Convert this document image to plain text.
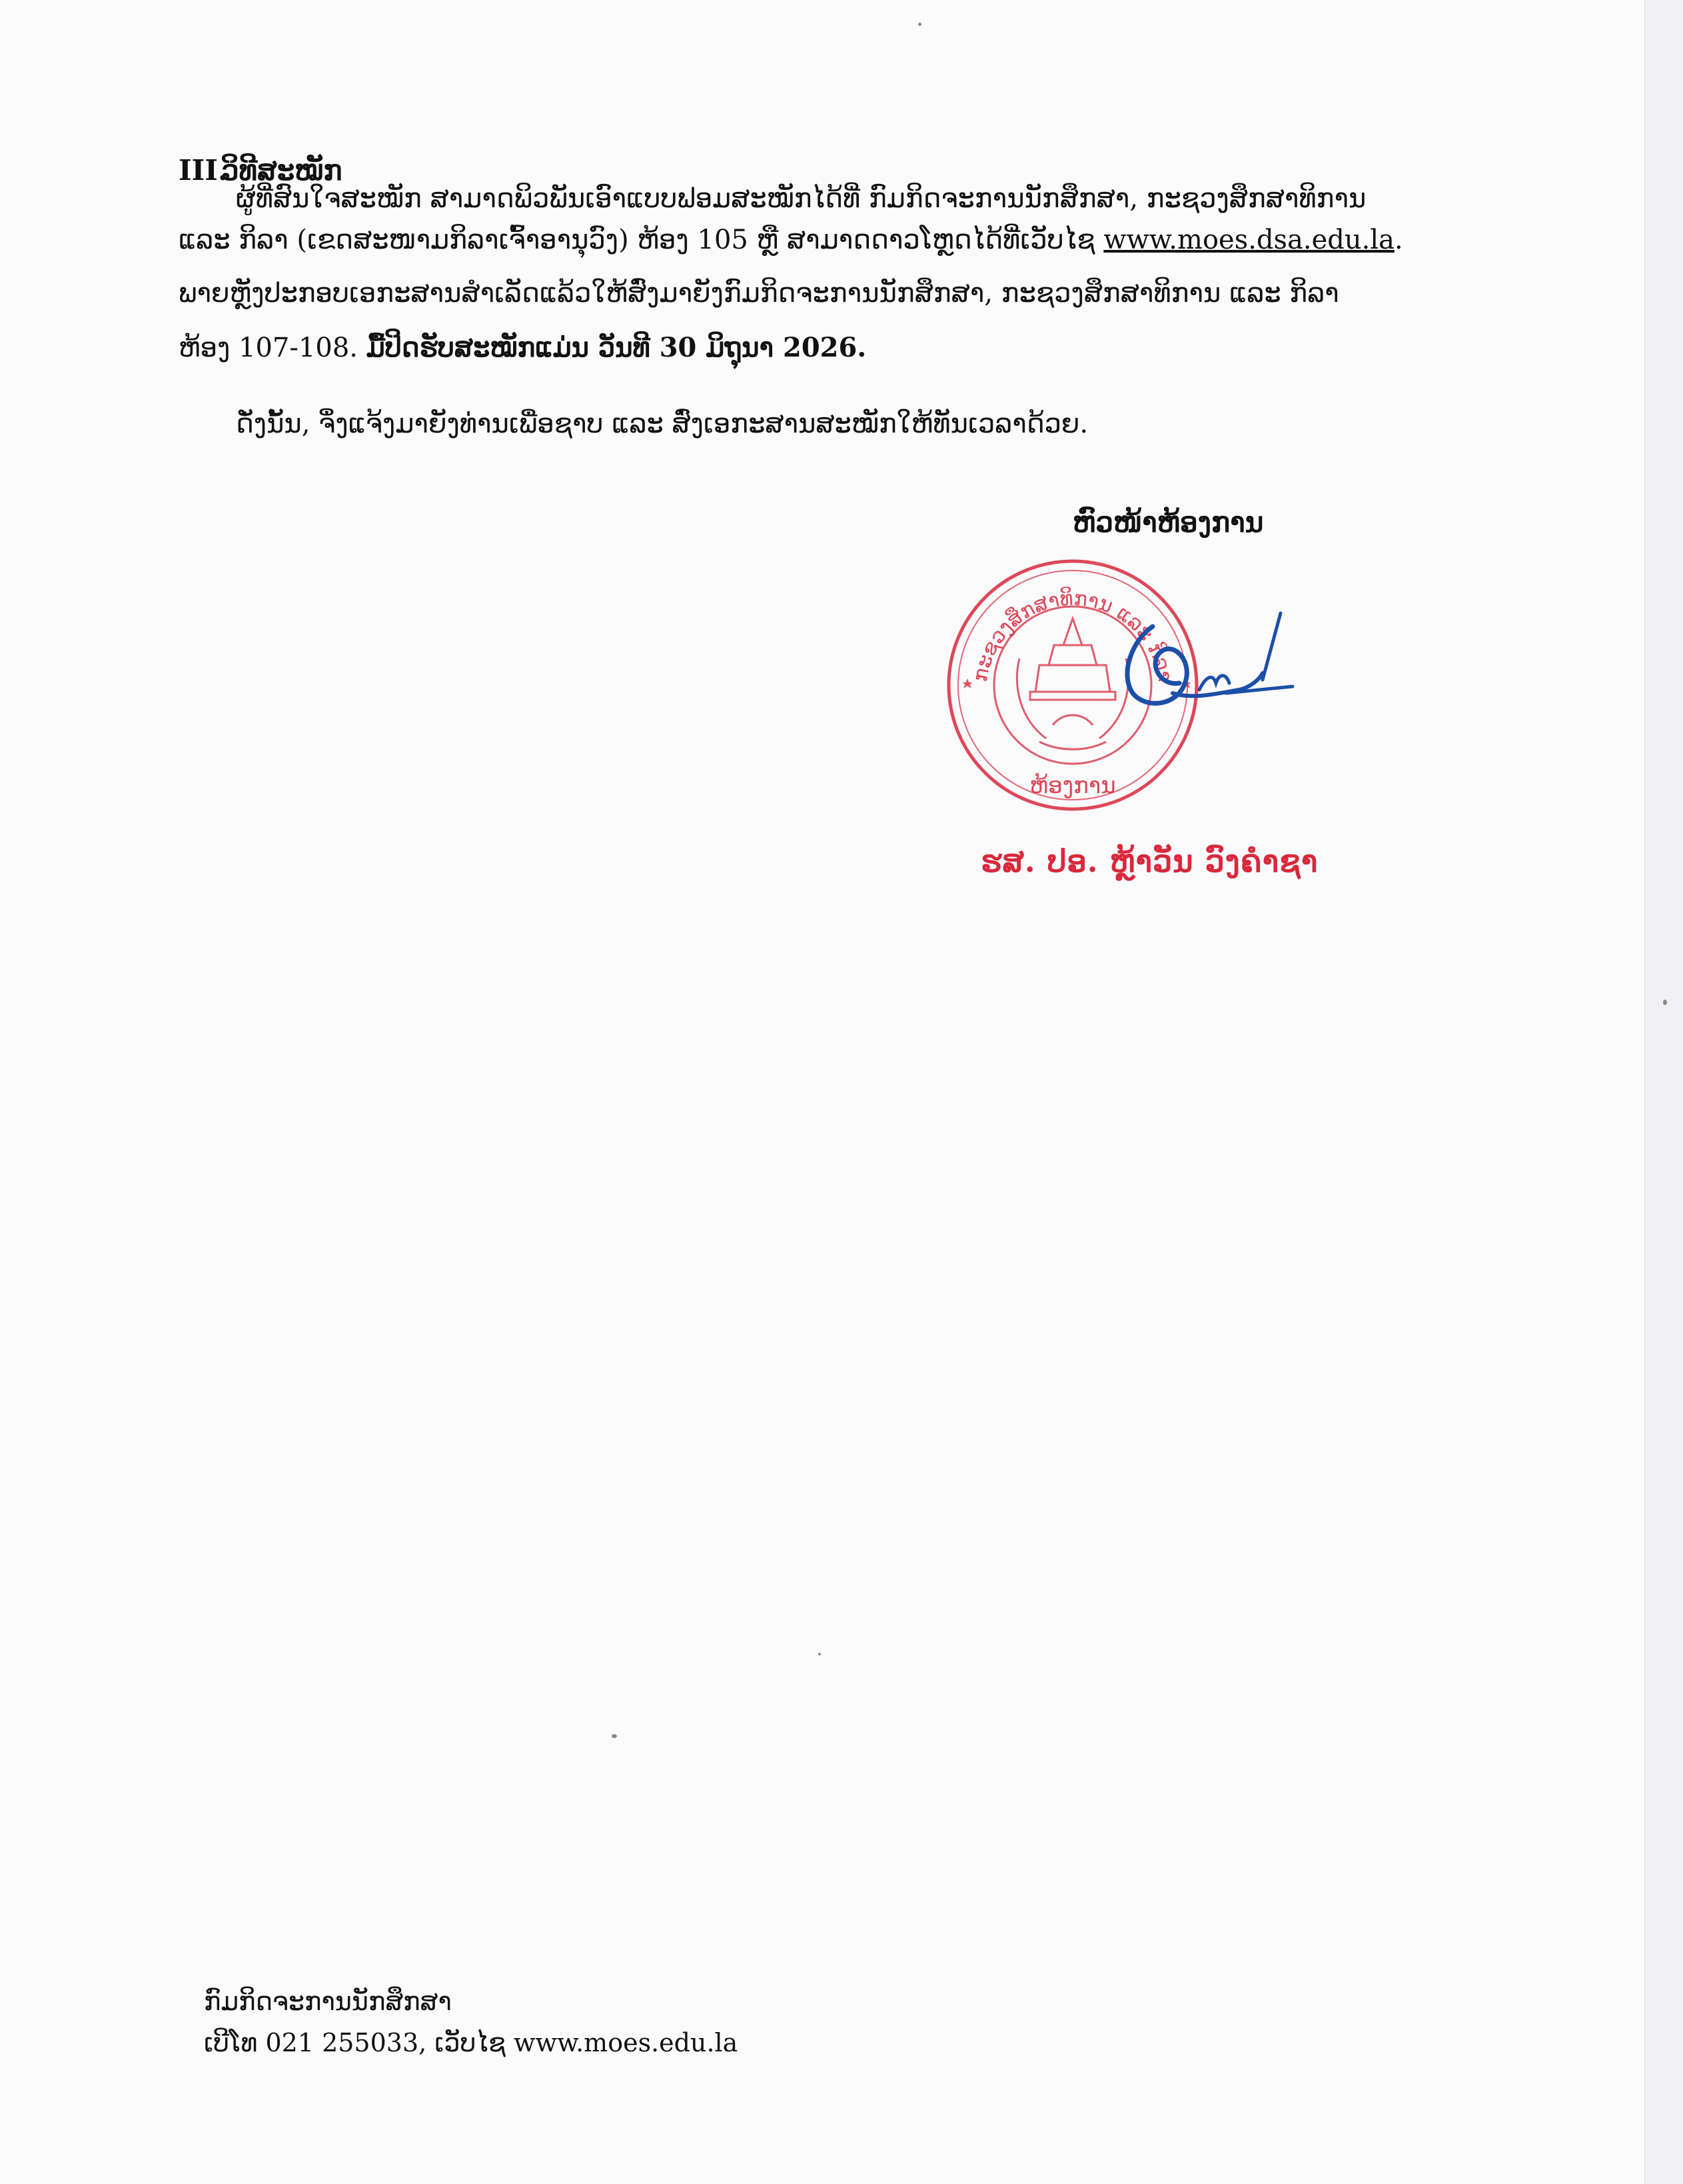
III.ວິທີສະໝັກ
ຜູ້ທີ່ສົນໃຈສະໝັກ ສາມາດພິວພັນເອົາແບບຟອມສະໝັກໄດ້ທີ່ ກົມກິດຈະການນັກສຶກສາ, ກະຊວງສຶກສາທິການ
ແລະ ກິລາ (ເຂດສະໜາມກິລາເຈົ້າອານຸວົງ) ຫ້ອງ 105 ຫຼື ສາມາດດາວໂຫຼດໄດ້ທີ່ເວັບໄຊ www.moes.dsa.edu.la.
ພາຍຫຼັງປະກອບເອກະສານສຳເລັດແລ້ວໃຫ້ສົ່ງມາຍັງກົມກິດຈະການນັກສຶກສາ, ກະຊວງສຶກສາທິການ ແລະ ກິລາ
ຫ້ອງ 107-108. ມື້ປິດຮັບສະໝັກແມ່ນ ວັນທີ 30 ມິຖຸນາ 2026.
ດັ່ງນັ້ນ, ຈຶ່ງແຈ້ງມາຍັງທ່ານເພື່ອຊາບ ແລະ ສົ່ງເອກະສານສະໝັກໃຫ້ທັນເວລາດ້ວຍ.
ຫົວໜ້າຫ້ອງການ
ກະຊວງສຶກສາທິການ ແລະ ກິລາ
ຫ້ອງການ
ຮສ. ປອ. ຫຼ້າວັນ ວົງຄໍາຊາ
ກົມກິດຈະການນັກສຶກສາ
ເບີໂທ 021 255033, ເວັບໄຊ www.moes.edu.la
